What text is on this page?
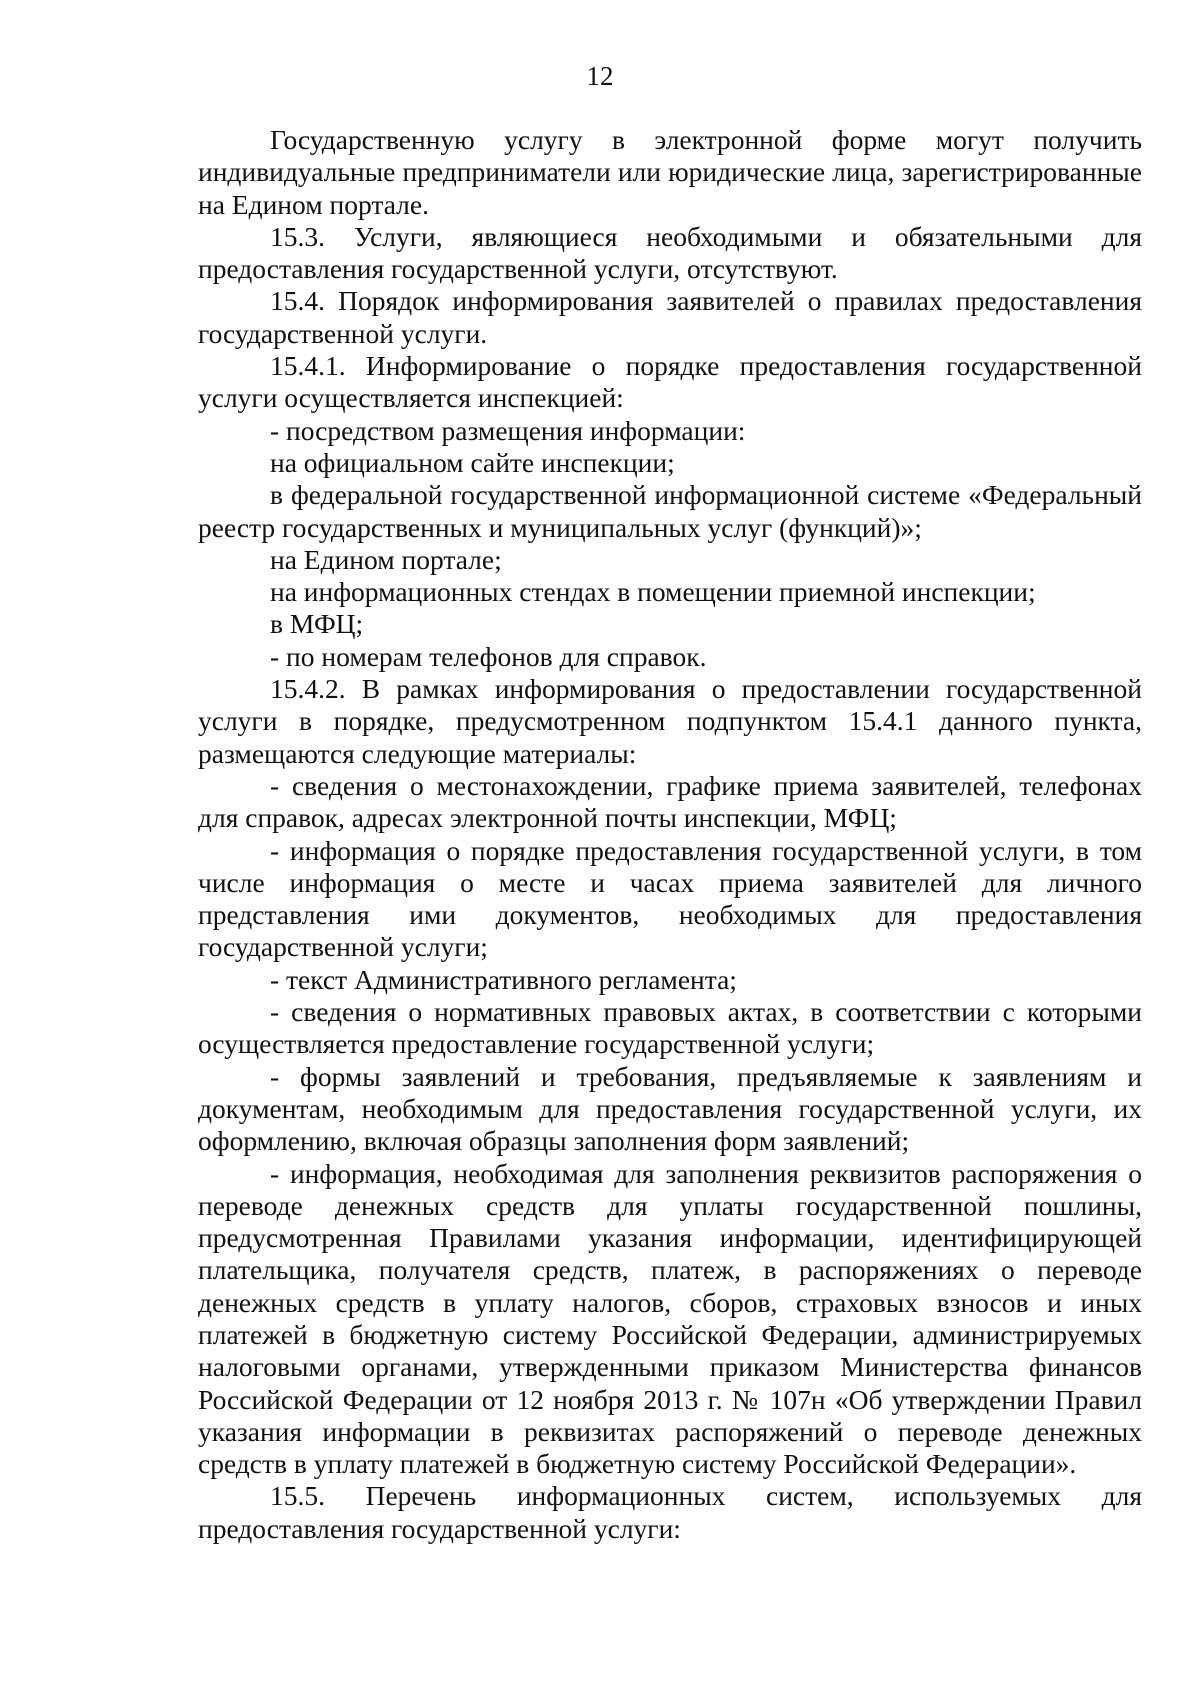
12

Государственную услугу в электронной форме могут получить индивидуальные предприниматели или юридические лица, зарегистрированные на Едином портале.

15.3. Услуги, являющиеся необходимыми и обязательными для предоставления государственной услуги, отсутствуют.

15.4. Порядок информирования заявителей о правилах предоставления государственной услуги.

15.4.1. Информирование о порядке предоставления государственной услуги осуществляется инспекцией:

- посредством размещения информации:

на официальном сайте инспекции;

в федеральной государственной информационной системе «Федеральный реестр государственных и муниципальных услуг (функций)»;

на Едином портале;

на информационных стендах в помещении приемной инспекции;

в МФЦ;

- по номерам телефонов для справок.

15.4.2. В рамках информирования о предоставлении государственной услуги в порядке, предусмотренном подпунктом 15.4.1 данного пункта, размещаются следующие материалы:

- сведения о местонахождении, графике приема заявителей, телефонах для справок, адресах электронной почты инспекции, МФЦ;

- информация о порядке предоставления государственной услуги, в том числе информация о месте и часах приема заявителей для личного представления ими документов, необходимых для предоставления государственной услуги;

- текст Административного регламента;

- сведения о нормативных правовых актах, в соответствии с которыми осуществляется предоставление государственной услуги;

- формы заявлений и требования, предъявляемые к заявлениям и документам, необходимым для предоставления государственной услуги, их оформлению, включая образцы заполнения форм заявлений;

- информация, необходимая для заполнения реквизитов распоряжения о переводе денежных средств для уплаты государственной пошлины, предусмотренная Правилами указания информации, идентифицирующей плательщика, получателя средств, платеж, в распоряжениях о переводе денежных средств в уплату налогов, сборов, страховых взносов и иных платежей в бюджетную систему Российской Федерации, администрируемых налоговыми органами, утвержденными приказом Министерства финансов Российской Федерации от 12 ноября 2013 г. № 107н «Об утверждении Правил указания информации в реквизитах распоряжений о переводе денежных средств в уплату платежей в бюджетную систему Российской Федерации».

15.5. Перечень информационных систем, используемых для предоставления государственной услуги:
